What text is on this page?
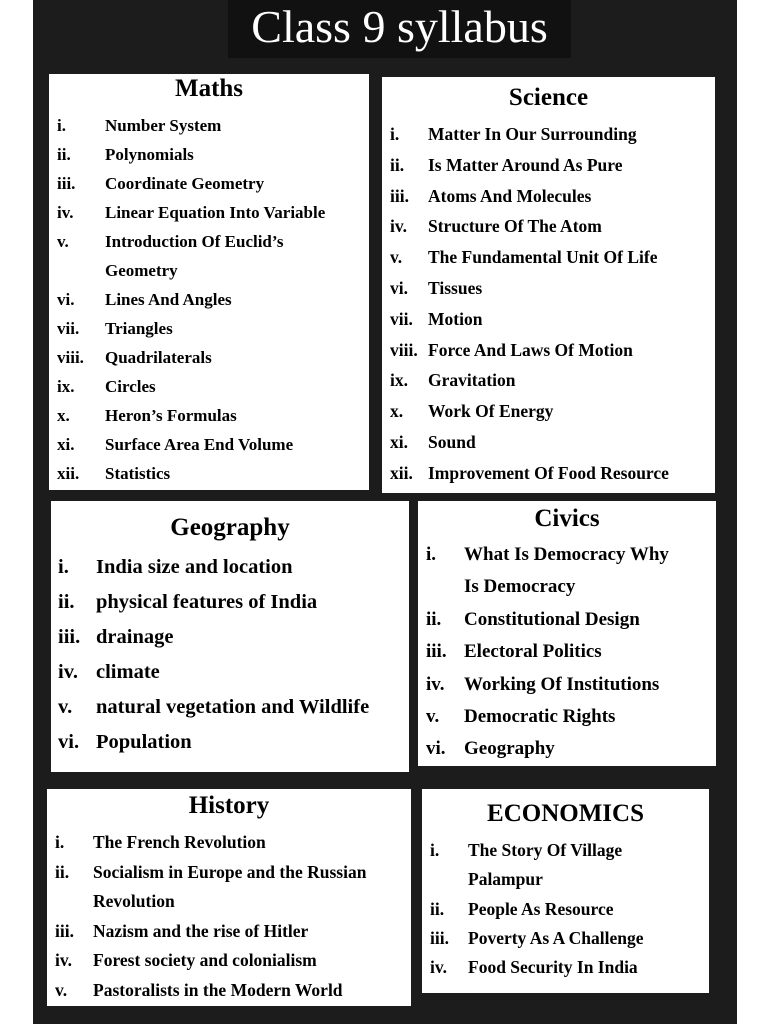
Class 9 syllabus
Maths
i. Number System
ii. Polynomials
iii. Coordinate Geometry
iv. Linear Equation Into Variable
v. Introduction Of Euclid’s
Geometry
vi. Lines And Angles
vii. Triangles
viii. Quadrilaterals
ix. Circles
x. Heron’s Formulas
xi. Surface Area End Volume
xii. Statistics
Science
i. Matter In Our Surrounding
ii. Is Matter Around As Pure
iii. Atoms And Molecules
iv. Structure Of The Atom
v. The Fundamental Unit Of Life
vi. Tissues
vii. Motion
viii. Force And Laws Of Motion
ix. Gravitation
x. Work Of Energy
xi. Sound
xii. Improvement Of Food Resource
Geography
i. India size and location
ii. physical features of India
iii. drainage
iv. climate
v. natural vegetation and Wildlife
vi. Population
Civics
i. What Is Democracy Why
Is Democracy
ii. Constitutional Design
iii. Electoral Politics
iv. Working Of Institutions
v. Democratic Rights
vi. Geography
History
i. The French Revolution
ii. Socialism in Europe and the Russian
Revolution
iii. Nazism and the rise of Hitler
iv. Forest society and colonialism
v. Pastoralists in the Modern World
ECONOMICS
i. The Story Of Village
Palampur
ii. People As Resource
iii. Poverty As A Challenge
iv. Food Security In India
